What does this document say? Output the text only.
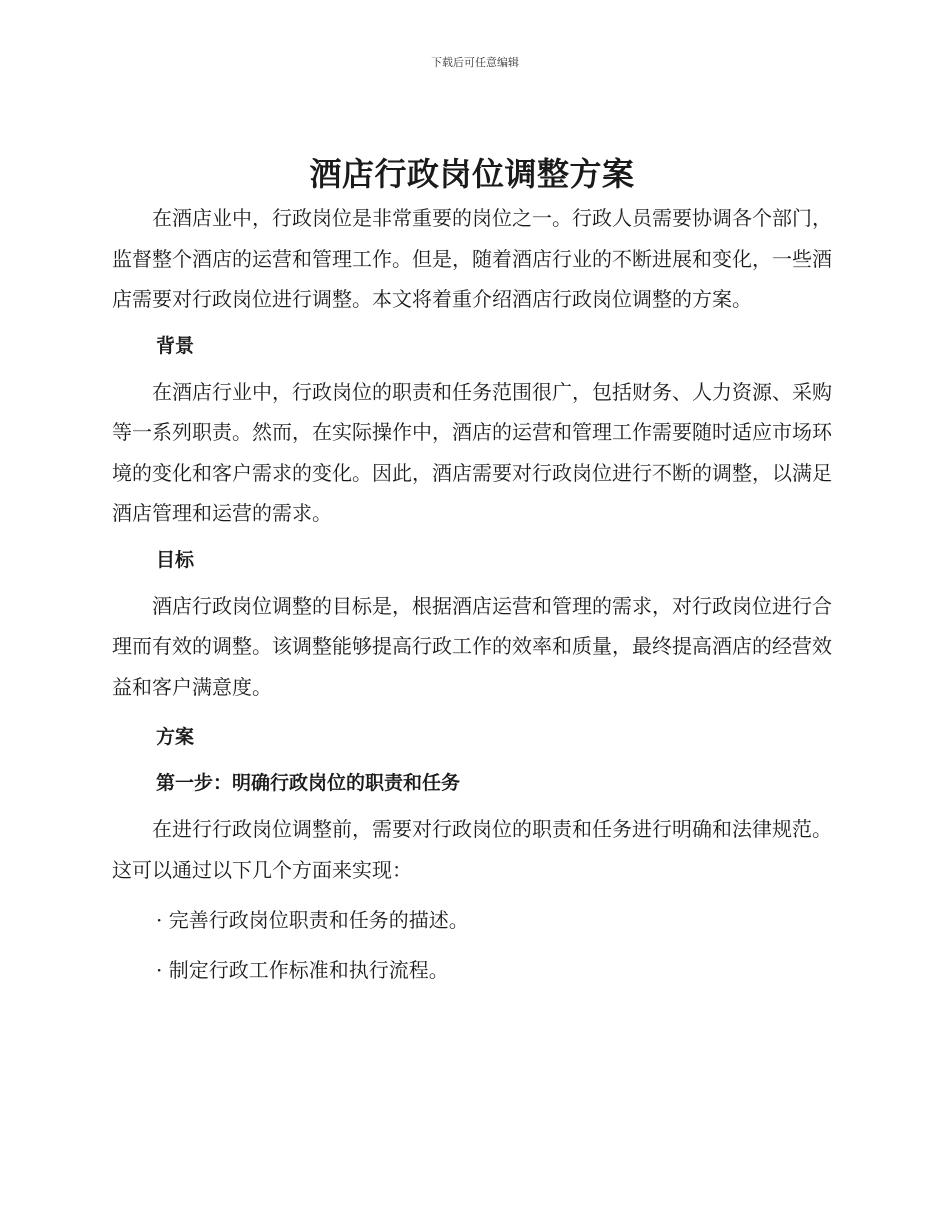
下载后可任意编辑
酒店行政岗位调整方案

在酒店业中，行政岗位是非常重要的岗位之一。行政人员需要协调各个部门，监督整个酒店的运营和管理工作。但是，随着酒店行业的不断进展和变化，一些酒店需要对行政岗位进行调整。本文将着重介绍酒店行政岗位调整的方案。

背景

在酒店行业中，行政岗位的职责和任务范围很广，包括财务、人力资源、采购等一系列职责。然而，在实际操作中，酒店的运营和管理工作需要随时适应市场环境的变化和客户需求的变化。因此，酒店需要对行政岗位进行不断的调整，以满足酒店管理和运营的需求。

目标

酒店行政岗位调整的目标是，根据酒店运营和管理的需求，对行政岗位进行合理而有效的调整。该调整能够提高行政工作的效率和质量，最终提高酒店的经营效益和客户满意度。

方案
第一步：明确行政岗位的职责和任务

在进行行政岗位调整前，需要对行政岗位的职责和任务进行明确和法律规范。这可以通过以下几个方面来实现：

· 完善行政岗位职责和任务的描述。

· 制定行政工作标准和执行流程。
